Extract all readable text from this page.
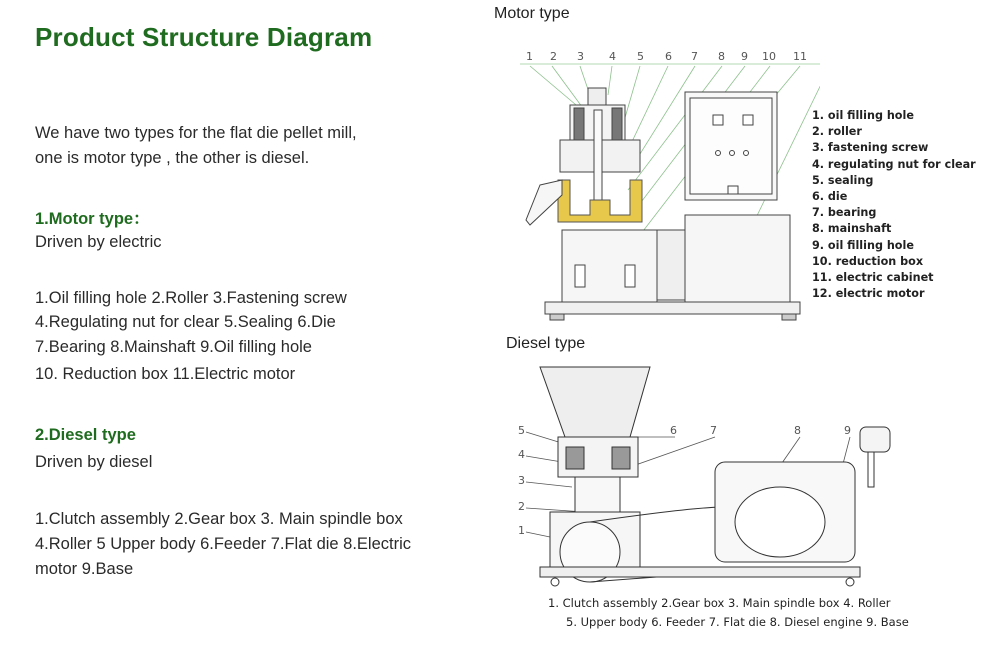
Product Structure Diagram
We have two types for the flat die pellet mill,
one is motor type , the other is diesel.
1.Motor type：
Driven by electric
1.Oil filling hole 2.Roller 3.Fastening screw
4.Regulating nut for clear 5.Sealing 6.Die
7.Bearing 8.Mainshaft 9.Oil filling hole
10. Reduction box 11.Electric motor
2.Diesel type
Driven by diesel
1.Clutch assembly 2.Gear box 3. Main spindle box
4.Roller 5 Upper body 6.Feeder 7.Flat die 8.Electric
motor 9.Base
Motor type
1 2 3 4 5 6 7 8 9 10 11
1. oil filling hole
2. roller
3. fastening screw
4. regulating nut for clear
5. sealing
6. die
7. bearing
8. mainshaft
9. oil filling hole
10. reduction box
11. electric cabinet
12. electric motor
Diesel type
5
4
3
2
1
6	7	8	9
1. Clutch assembly 2.Gear box 3. Main spindle box 4. Roller
5. Upper body 6. Feeder 7. Flat die 8. Diesel engine 9. Base
